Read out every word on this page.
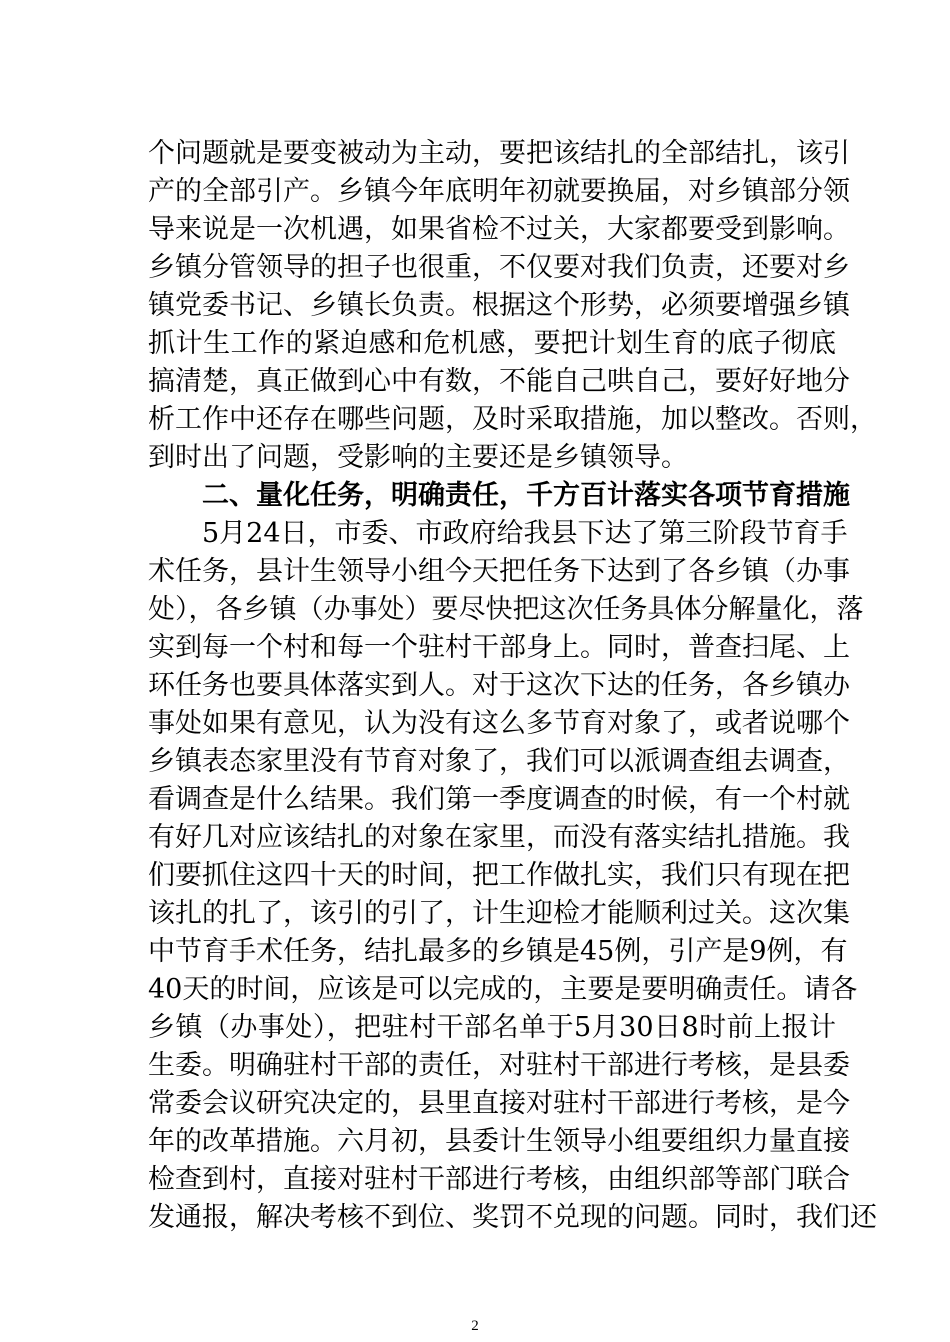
个问题就是要变被动为主动，要把该结扎的全部结扎，该引
产的全部引产。乡镇今年底明年初就要换届，对乡镇部分领
导来说是一次机遇，如果省检不过关，大家都要受到影响。
乡镇分管领导的担子也很重，不仅要对我们负责，还要对乡
镇党委书记、乡镇长负责。根据这个形势，必须要增强乡镇
抓计生工作的紧迫感和危机感，要把计划生育的底子彻底
搞清楚，真正做到心中有数，不能自己哄自己，要好好地分
析工作中还存在哪些问题，及时采取措施，加以整改。否则，
到时出了问题，受影响的主要还是乡镇领导。
二、量化任务，明确责任，千方百计落实各项节育措施
5月24日，市委、市政府给我县下达了第三阶段节育手
术任务，县计生领导小组今天把任务下达到了各乡镇（办事
处），各乡镇（办事处）要尽快把这次任务具体分解量化，落
实到每一个村和每一个驻村干部身上。同时，普查扫尾、上
环任务也要具体落实到人。对于这次下达的任务，各乡镇办
事处如果有意见，认为没有这么多节育对象了，或者说哪个
乡镇表态家里没有节育对象了，我们可以派调查组去调查，
看调查是什么结果。我们第一季度调查的时候，有一个村就
有好几对应该结扎的对象在家里，而没有落实结扎措施。我
们要抓住这四十天的时间，把工作做扎实，我们只有现在把
该扎的扎了，该引的引了，计生迎检才能顺利过关。这次集
中节育手术任务，结扎最多的乡镇是45例，引产是9例，有
40天的时间，应该是可以完成的，主要是要明确责任。请各
乡镇（办事处），把驻村干部名单于5月30日8时前上报计
生委。明确驻村干部的责任，对驻村干部进行考核，是县委
常委会议研究决定的，县里直接对驻村干部进行考核，是今
年的改革措施。六月初，县委计生领导小组要组织力量直接
检查到村，直接对驻村干部进行考核，由组织部等部门联合
发通报，解决考核不到位、奖罚不兑现的问题。同时，我们还
2
